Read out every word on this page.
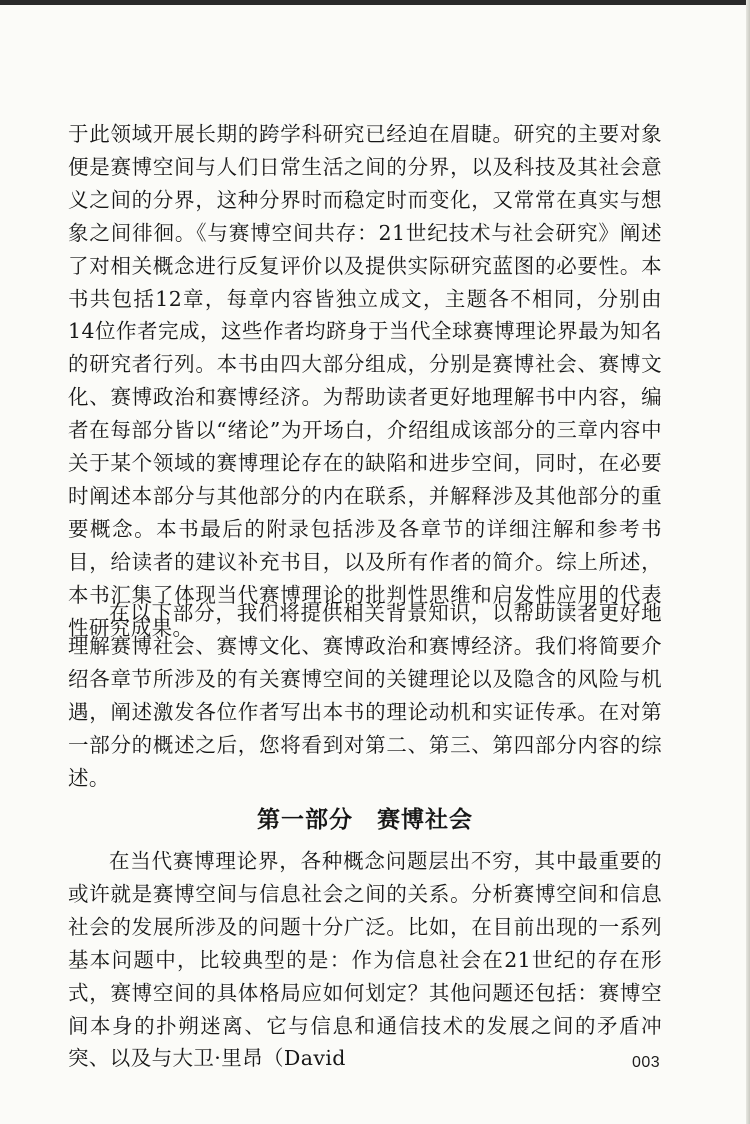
于此领域开展长期的跨学科研究已经迫在眉睫。研究的主要对象便是赛博空间与人们日常生活之间的分界，以及科技及其社会意义之间的分界，这种分界时而稳定时而变化，又常常在真实与想象之间徘徊。《与赛博空间共存：21世纪技术与社会研究》阐述了对相关概念进行反复评价以及提供实际研究蓝图的必要性。本书共包括12章，每章内容皆独立成文，主题各不相同，分别由14位作者完成，这些作者均跻身于当代全球赛博理论界最为知名的研究者行列。本书由四大部分组成，分别是赛博社会、赛博文化、赛博政治和赛博经济。为帮助读者更好地理解书中内容，编者在每部分皆以“绪论”为开场白，介绍组成该部分的三章内容中关于某个领域的赛博理论存在的缺陷和进步空间，同时，在必要时阐述本部分与其他部分的内在联系，并解释涉及其他部分的重要概念。本书最后的附录包括涉及各章节的详细注解和参考书目，给读者的建议补充书目，以及所有作者的简介。综上所述，本书汇集了体现当代赛博理论的批判性思维和启发性应用的代表性研究成果。

在以下部分，我们将提供相关背景知识，以帮助读者更好地理解赛博社会、赛博文化、赛博政治和赛博经济。我们将简要介绍各章节所涉及的有关赛博空间的关键理论以及隐含的风险与机遇，阐述激发各位作者写出本书的理论动机和实证传承。在对第一部分的概述之后，您将看到对第二、第三、第四部分内容的综述。

第一部分　赛博社会

在当代赛博理论界，各种概念问题层出不穷，其中最重要的或许就是赛博空间与信息社会之间的关系。分析赛博空间和信息社会的发展所涉及的问题十分广泛。比如，在目前出现的一系列基本问题中，比较典型的是：作为信息社会在21世纪的存在形式，赛博空间的具体格局应如何划定？其他问题还包括：赛博空间本身的扑朔迷离、它与信息和通信技术的发展之间的矛盾冲突、以及与大卫·里昂（David	003
